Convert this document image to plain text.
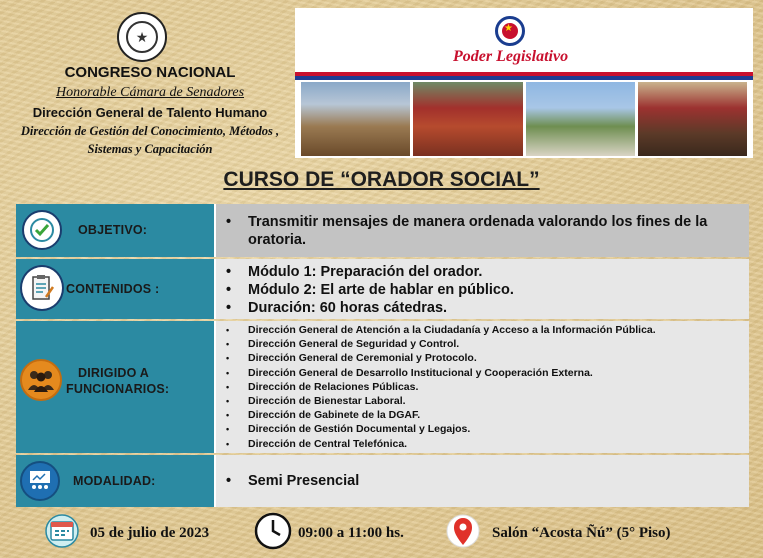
★
CONGRESO NACIONAL
Honorable Cámara de Senadores
Dirección General de Talento Humano
Dirección de Gestión del Conocimiento, Métodos ,
Sistemas y Capacitación
★
Poder Legislativo
CURSO DE “ORADOR SOCIAL”
OBJETIVO:	• Transmitir mensajes de manera ordenada valorando los fines de la oratoria.
CONTENIDOS :
• Módulo 1: Preparación del orador.
• Módulo 2: El arte de hablar en público.
• Duración: 60 horas cátedras.
DIRIGIDO A
FUNCIONARIOS:
• Dirección General de Atención a la Ciudadanía y Acceso a la Información Pública.
• Dirección General de Seguridad y Control.
• Dirección General de Ceremonial y Protocolo.
• Dirección General de Desarrollo Institucional y Cooperación Externa.
• Dirección de Relaciones Públicas.
• Dirección de Bienestar Laboral.
• Dirección de Gabinete de la DGAF.
• Dirección de Gestión Documental y Legajos.
• Dirección de Central Telefónica.
MODALIDAD:	• Semi Presencial
05 de julio de 2023	09:00 a 11:00 hs.	Salón “Acosta Ñú” (5° Piso)
